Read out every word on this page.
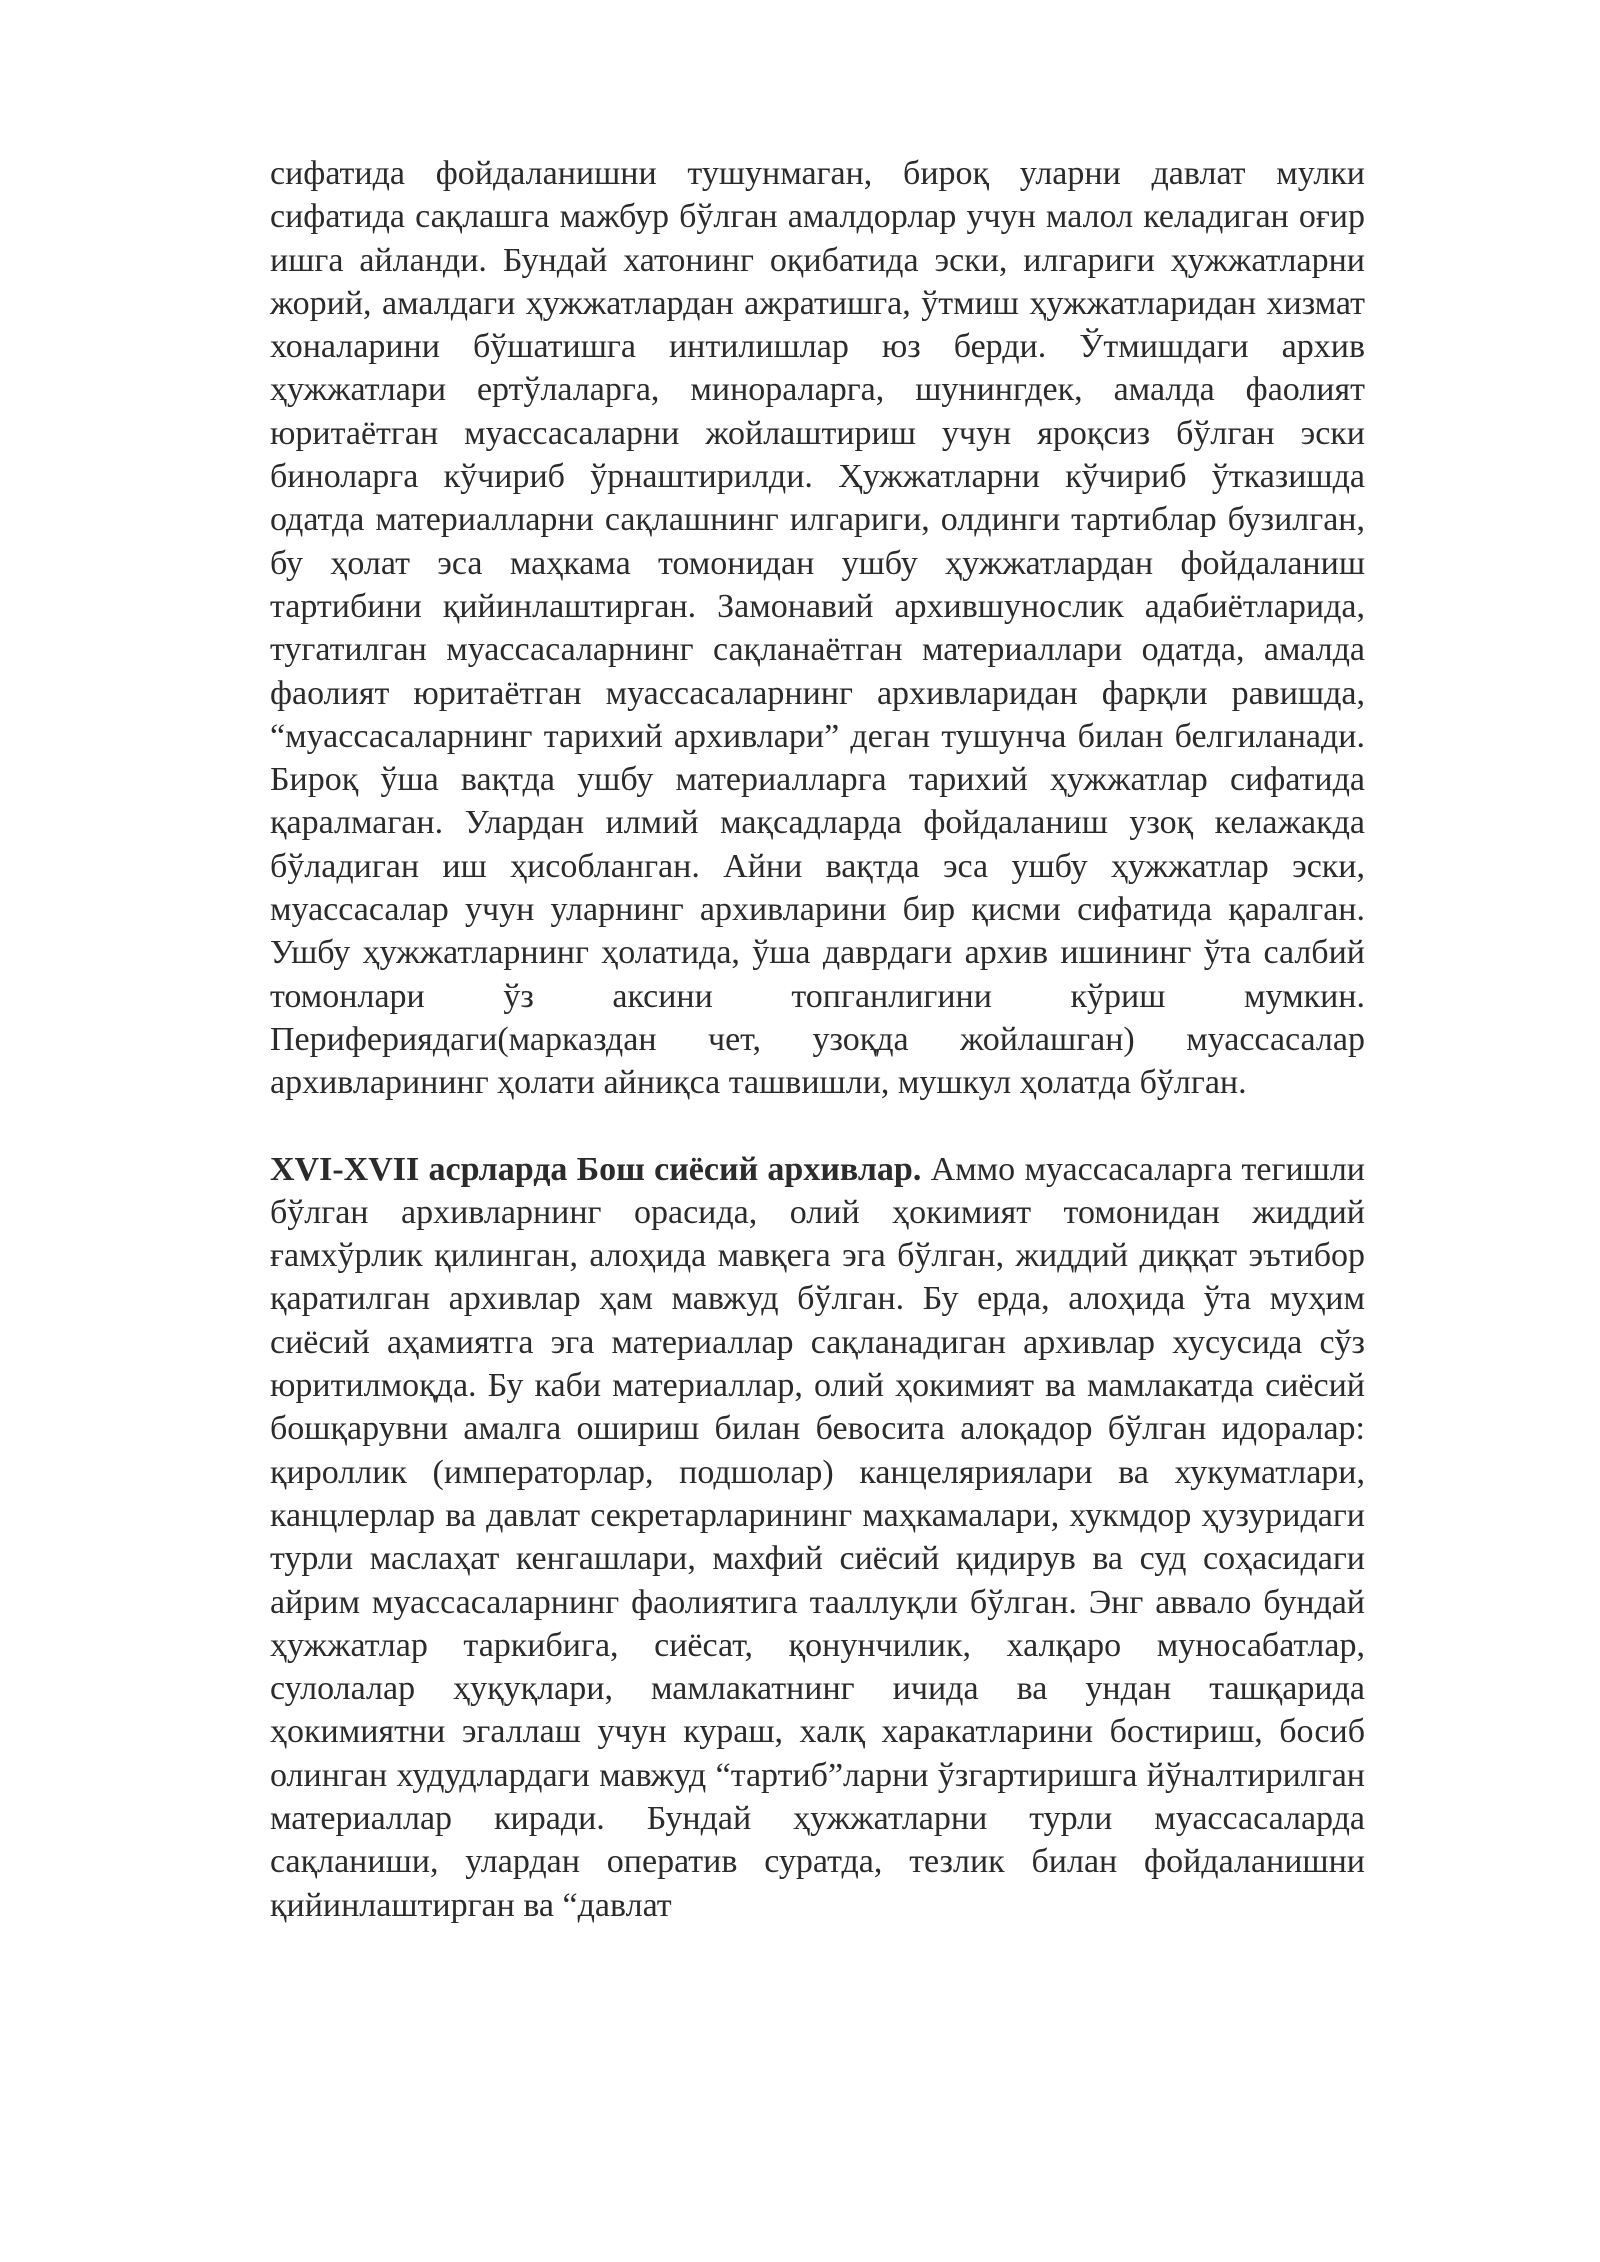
сифатида фойдаланишни тушунмаган, бироқ уларни давлат мулки сифатида сақлашга мажбур бўлган амалдорлар учун малол келадиган оғир ишга айланди. Бундай хатонинг оқибатида эски, илгариги ҳужжатларни жорий, амалдаги ҳужжатлардан ажратишга, ўтмиш ҳужжатларидан хизмат хоналарини бўшатишга интилишлар юз берди. Ўтмишдаги архив ҳужжатлари ертўлаларга, минораларга, шунингдек, амалда фаолият юритаётган муассасаларни жойлаштириш учун яроқсиз бўлган эски биноларга кўчириб ўрнаштирилди. Ҳужжатларни кўчириб ўтказишда одатда материалларни сақлашнинг илгариги, олдинги тартиблар бузилган, бу ҳолат эса маҳкама томонидан ушбу ҳужжатлардан фойдаланиш тартибини қийинлаштирган. Замонавий архившунослик адабиётларида, тугатилган муассасаларнинг сақланаётган материаллари одатда, амалда фаолият юритаётган муассасаларнинг архивларидан фарқли равишда, “муассасаларнинг тарихий архивлари” деган тушунча билан белгиланади. Бироқ ўша вақтда ушбу материалларга тарихий ҳужжатлар сифатида қаралмаган. Улардан илмий мақсадларда фойдаланиш узоқ келажакда бўладиган иш ҳисобланган. Айни вақтда эса ушбу ҳужжатлар эски, муассасалар учун уларнинг архивларини бир қисми сифатида қаралган. Ушбу ҳужжатларнинг ҳолатида, ўша даврдаги архив ишининг ўта салбий томонлари ўз аксини топганлигини кўриш мумкин. Перифериядаги(марказдан чет, узоқда жойлашган) муассасалар архивларининг ҳолати айниқса ташвишли, мушкул ҳолатда бўлган.

XVI-XVII асрларда Бош сиёсий архивлар. Аммо муассасаларга тегишли бўлган архивларнинг орасида, олий ҳокимият томонидан жиддий ғамхўрлик қилинган, алоҳида мавқега эга бўлган, жиддий диққат эътибор қаратилган архивлар ҳам мавжуд бўлган. Бу ерда, алоҳида ўта муҳим сиёсий аҳамиятга эга материаллар сақланадиган архивлар хусусида сўз юритилмоқда. Бу каби материаллар, олий ҳокимият ва мамлакатда сиёсий бошқарувни амалга ошириш билан бевосита алоқадор бўлган идоралар: қироллик (императорлар, подшолар) канцеляриялари ва хукуматлари, канцлерлар ва давлат секретарларининг маҳкамалари, хукмдор ҳузуридаги турли маслаҳат кенгашлари, махфий сиёсий қидирув ва суд соҳасидаги айрим муассасаларнинг фаолиятига тааллуқли бўлган. Энг аввало бундай ҳужжатлар таркибига, сиёсат, қонунчилик, халқаро муносабатлар, сулолалар ҳуқуқлари, мамлакатнинг ичида ва ундан ташқарида ҳокимиятни эгаллаш учун кураш, халқ харакатларини бостириш, босиб олинган худудлардаги мавжуд “тартиб”ларни ўзгартиришга йўналтирилган материаллар киради. Бундай ҳужжатларни турли муассасаларда сақланиши, улардан оператив суратда, тезлик билан фойдаланишни қийинлаштирган ва “давлат
